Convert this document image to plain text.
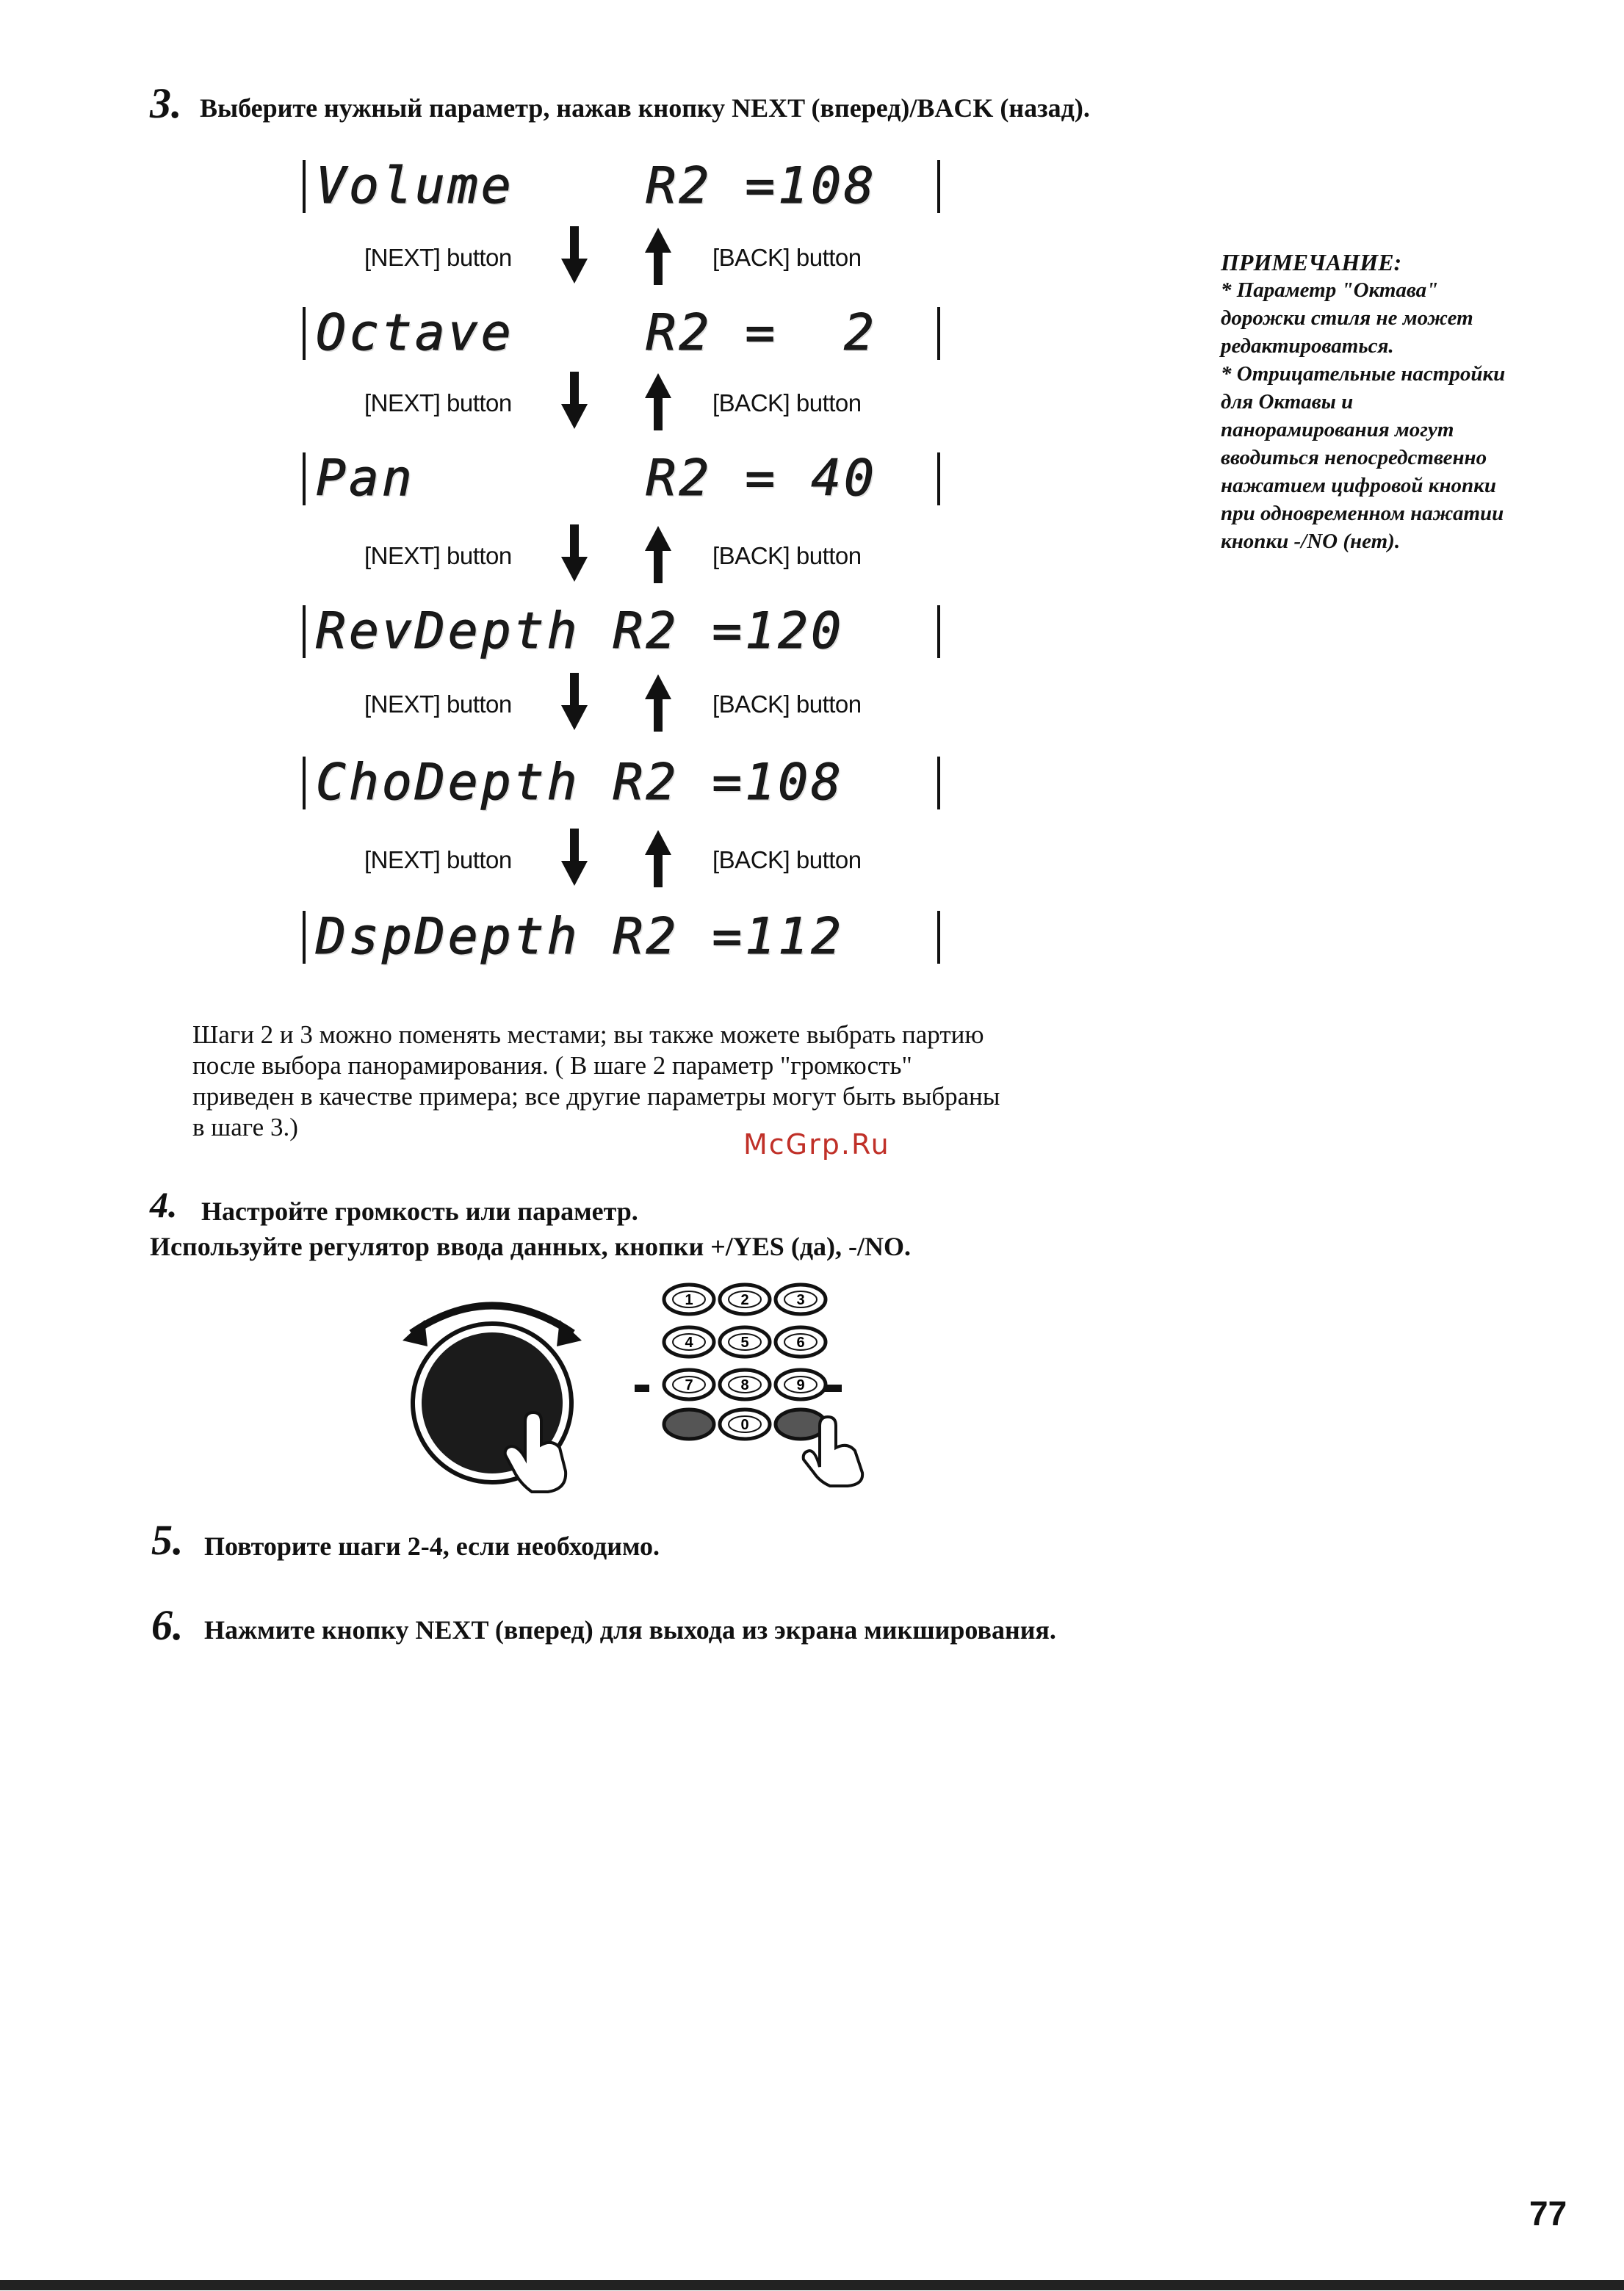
3. Выберите нужный параметр, нажав кнопку NEXT (вперед)/BACK (назад).
Volume    R2 =108
[NEXT] button	[BACK] button
Octave    R2 =  2
[NEXT] button	[BACK] button
Pan       R2 = 40
[NEXT] button	[BACK] button
RevDepth R2 =120
[NEXT] button	[BACK] button
ChoDepth R2 =108
[NEXT] button	[BACK] button
DspDepth R2 =112
ПРИМЕЧАНИЕ:
* Параметр "Октава"
дорожки стиля не может
редактироваться.
* Отрицательные настройки
для Октавы и
панорамирования могут
вводиться непосредственно
нажатием цифровой кнопки
при одновременном нажатии
кнопки -/NO (нет).
Шаги 2 и 3 можно поменять местами; вы также можете выбрать партию
после выбора панорамирования. ( В шаге 2 параметр "громкость"
приведен в качестве примера; все другие параметры могут быть выбраны
в шаге 3.)
McGrp.Ru
4. Настройте громкость или параметр.
Используйте регулятор ввода данных, кнопки +/YES (да), -/NO.
1	2	3
4	5	6
7	8	9
0
5. Повторите шаги 2-4, если необходимо.
6. Нажмите кнопку NEXT (вперед) для выхода из экрана микширования.
77
